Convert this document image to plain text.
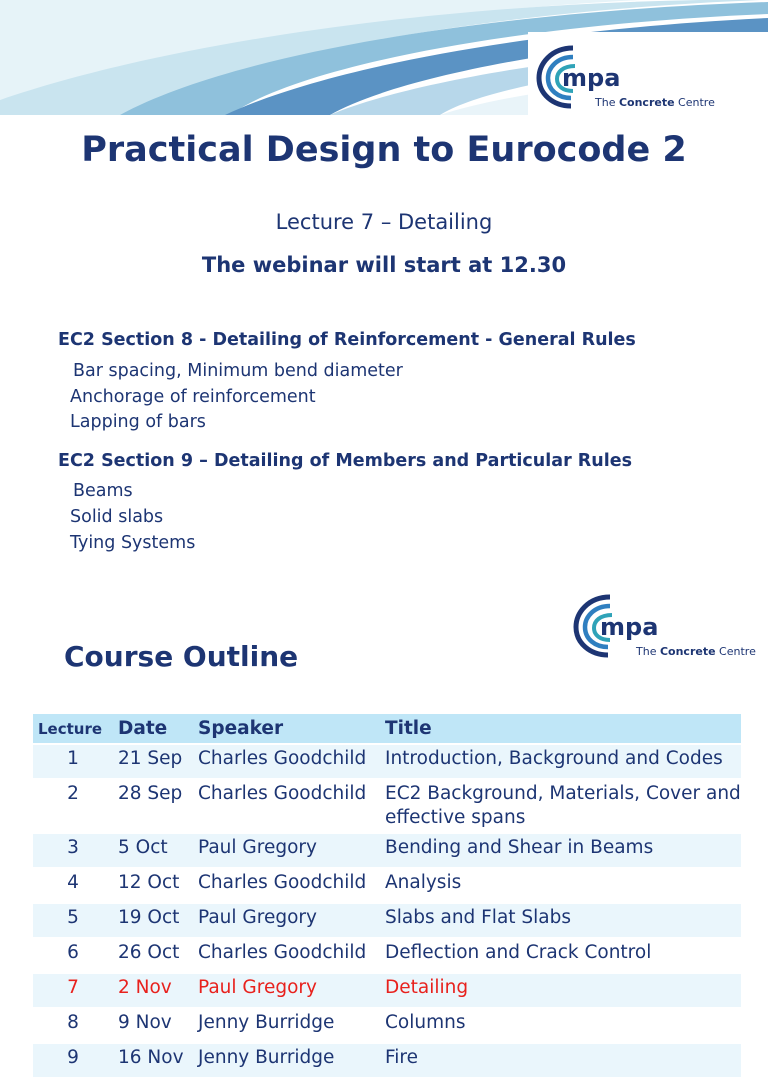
mpa
The Concrete Centre
Practical Design to Eurocode 2
Lecture 7 – Detailing
The webinar will start at 12.30
EC2 Section 8 - Detailing of Reinforcement - General Rules
Bar spacing, Minimum bend diameter
Anchorage of reinforcement
Lapping of bars
EC2 Section 9 – Detailing of Members and Particular Rules
Beams
Solid slabs
Tying Systems
mpa
The Concrete Centre
Course Outline
Lecture	Date	Speaker	Title
1	21 Sep	Charles Goodchild	Introduction, Background and Codes
2	28 Sep	Charles Goodchild	EC2 Background, Materials, Cover and effective spans
3	5 Oct	Paul Gregory	Bending and Shear in Beams
4	12 Oct	Charles Goodchild	Analysis
5	19 Oct	Paul Gregory	Slabs and Flat Slabs
6	26 Oct	Charles Goodchild	Deflection and Crack Control
7	2 Nov	Paul Gregory	Detailing
8	9 Nov	Jenny Burridge	Columns
9	16 Nov	Jenny Burridge	Fire
